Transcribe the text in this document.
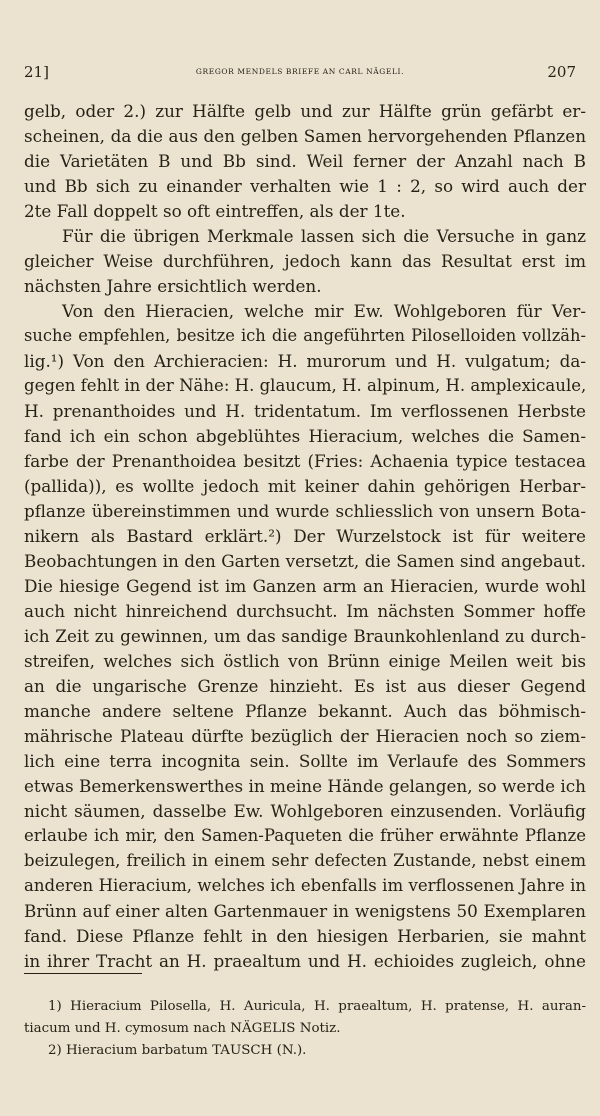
21]	GREGOR MENDELS BRIEFE AN CARL NÄGELI.	207
gelb, oder 2.) zur Hälfte gelb und zur Hälfte grün gefärbt er-
scheinen, da die aus den gelben Samen hervorgehenden Pflanzen
die Varietäten B und Bb sind. Weil ferner der Anzahl nach B
und Bb sich zu einander verhalten wie 1 : 2, so wird auch der
2te Fall doppelt so oft eintreffen, als der 1te.
Für die übrigen Merkmale lassen sich die Versuche in ganz
gleicher Weise durchführen, jedoch kann das Resultat erst im
nächsten Jahre ersichtlich werden.
Von den Hieracien, welche mir Ew. Wohlgeboren für Ver-
suche empfehlen, besitze ich die angeführten Piloselloiden vollzäh-
lig.¹) Von den Archieracien: H. murorum und H. vulgatum; da-
gegen fehlt in der Nähe: H. glaucum, H. alpinum, H. amplexicaule,
H. prenanthoides und H. tridentatum. Im verflossenen Herbste
fand ich ein schon abgeblühtes Hieracium, welches die Samen-
farbe der Prenanthoidea besitzt (Fries: Achaenia typice testacea
(pallida)), es wollte jedoch mit keiner dahin gehörigen Herbar-
pflanze übereinstimmen und wurde schliesslich von unsern Bota-
nikern als Bastard erklärt.²) Der Wurzelstock ist für weitere
Beobachtungen in den Garten versetzt, die Samen sind angebaut.
Die hiesige Gegend ist im Ganzen arm an Hieracien, wurde wohl
auch nicht hinreichend durchsucht. Im nächsten Sommer hoffe
ich Zeit zu gewinnen, um das sandige Braunkohlenland zu durch-
streifen, welches sich östlich von Brünn einige Meilen weit bis
an die ungarische Grenze hinzieht. Es ist aus dieser Gegend
manche andere seltene Pflanze bekannt. Auch das böhmisch-
mährische Plateau dürfte bezüglich der Hieracien noch so ziem-
lich eine terra incognita sein. Sollte im Verlaufe des Sommers
etwas Bemerkenswerthes in meine Hände gelangen, so werde ich
nicht säumen, dasselbe Ew. Wohlgeboren einzusenden. Vorläufig
erlaube ich mir, den Samen-Paqueten die früher erwähnte Pflanze
beizulegen, freilich in einem sehr defecten Zustande, nebst einem
anderen Hieracium, welches ich ebenfalls im verflossenen Jahre in
Brünn auf einer alten Gartenmauer in wenigstens 50 Exemplaren
fand. Diese Pflanze fehlt in den hiesigen Herbarien, sie mahnt
in ihrer Tracht an H. praealtum und H. echioides zugleich, ohne
1) Hieracium Pilosella, H. Auricula, H. praealtum, H. pratense, H. auran-
tiacum und H. cymosum nach NÄGELIS Notiz.
2) Hieracium barbatum TAUSCH (N.).
